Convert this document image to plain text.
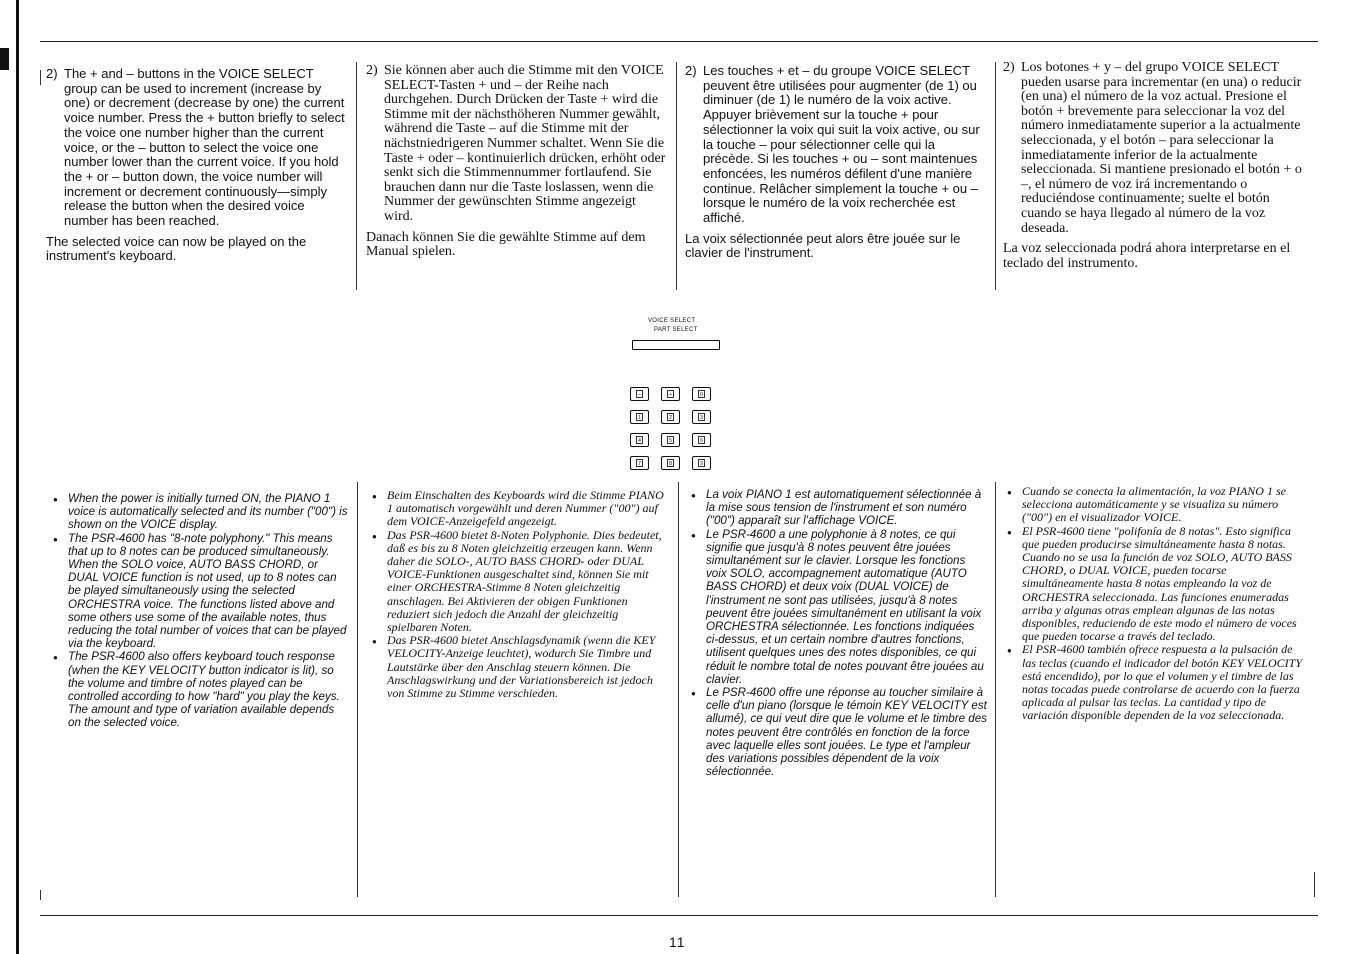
2) The + and – buttons in the VOICE SELECT group can be used to increment (increase by one) or decrement (decrease by one) the current voice number. Press the + button briefly to select the voice one number higher than the current voice, or the – button to select the voice one number lower than the current voice. If you hold the + or – button down, the voice number will increment or decrement continuously—simply release the button when the desired voice number has been reached.

The selected voice can now be played on the instrument's keyboard.

2) Sie können aber auch die Stimme mit den VOICE SELECT-Tasten + und – der Reihe nach durchgehen. Durch Drücken der Taste + wird die Stimme mit der nächsthöheren Nummer gewählt, während die Taste – auf die Stimme mit der nächstniedrigeren Nummer schaltet. Wenn Sie die Taste + oder – kontinuierlich drücken, erhöht oder senkt sich die Stimmennummer fortlaufend. Sie brauchen dann nur die Taste loslassen, wenn die Nummer der gewünschten Stimme angezeigt wird.

Danach können Sie die gewählte Stimme auf dem Manual spielen.

2) Les touches + et – du groupe VOICE SELECT peuvent être utilisées pour augmenter (de 1) ou diminuer (de 1) le numéro de la voix active. Appuyer brièvement sur la touche + pour sélectionner la voix qui suit la voix active, ou sur la touche – pour sélectionner celle qui la précède. Si les touches + ou – sont maintenues enfoncées, les numéros défilent d'une manière continue. Relâcher simplement la touche + ou – lorsque le numéro de la voix recherchée est affiché.

La voix sélectionnée peut alors être jouée sur le clavier de l'instrument.

2) Los botones + y – del grupo VOICE SELECT pueden usarse para incrementar (en una) o reducir (en una) el número de la voz actual. Presione el botón + brevemente para seleccionar la voz del número inmediatamente superior a la actualmente seleccionada, y el botón – para seleccionar la inmediatamente inferior de la actualmente seleccionada. Si mantiene presionado el botón + o –, el número de voz irá incrementando o reduciéndose continuamente; suelte el botón cuando se haya llegado al número de la voz deseada.

La voz seleccionada podrá ahora interpretarse en el teclado del instrumento.

VOICE SELECT
PART SELECT
–	+	0
1	2	3
4	5	6
7	8	9
● When the power is initially turned ON, the PIANO 1 voice is automatically selected and its number ("00") is shown on the VOICE display.
● The PSR-4600 has "8-note polyphony." This means that up to 8 notes can be produced simultaneously. When the SOLO voice, AUTO BASS CHORD, or DUAL VOICE function is not used, up to 8 notes can be played simultaneously using the selected ORCHESTRA voice. The functions listed above and some others use some of the available notes, thus reducing the total number of voices that can be played via the keyboard.
● The PSR-4600 also offers keyboard touch response (when the KEY VELOCITY button indicator is lit), so the volume and timbre of notes played can be controlled according to how "hard" you play the keys. The amount and type of variation available depends on the selected voice.
● Beim Einschalten des Keyboards wird die Stimme PIANO 1 automatisch vorgewählt und deren Nummer ("00") auf dem VOICE-Anzeigefeld angezeigt.
● Das PSR-4600 bietet 8-Noten Polyphonie. Dies bedeutet, daß es bis zu 8 Noten gleichzeitig erzeugen kann. Wenn daher die SOLO-, AUTO BASS CHORD- oder DUAL VOICE-Funktionen ausgeschaltet sind, können Sie mit einer ORCHESTRA-Stimme 8 Noten gleichzeitig anschlagen. Bei Aktivieren der obigen Funktionen reduziert sich jedoch die Anzahl der gleichzeitig spielbaren Noten.
● Das PSR-4600 bietet Anschlagsdynamik (wenn die KEY VELOCITY-Anzeige leuchtet), wodurch Sie Timbre und Lautstärke über den Anschlag steuern können. Die Anschlagswirkung und der Variationsbereich ist jedoch von Stimme zu Stimme verschieden.
● La voix PIANO 1 est automatiquement sélectionnée à la mise sous tension de l'instrument et son numéro ("00") apparaît sur l'affichage VOICE.
● Le PSR-4600 a une polyphonie à 8 notes, ce qui signifie que jusqu'à 8 notes peuvent être jouées simultanément sur le clavier. Lorsque les fonctions voix SOLO, accompagnement automatique (AUTO BASS CHORD) et deux voix (DUAL VOICE) de l'instrument ne sont pas utilisées, jusqu'à 8 notes peuvent être jouées simultanément en utilisant la voix ORCHESTRA sélectionnée. Les fonctions indiquées ci-dessus, et un certain nombre d'autres fonctions, utilisent quelques unes des notes disponibles, ce qui réduit le nombre total de notes pouvant être jouées au clavier.
● Le PSR-4600 offre une réponse au toucher similaire à celle d'un piano (lorsque le témoin KEY VELOCITY est allumé), ce qui veut dire que le volume et le timbre des notes peuvent être contrôlés en fonction de la force avec laquelle elles sont jouées. Le type et l'ampleur des variations possibles dépendent de la voix sélectionnée.
● Cuando se conecta la alimentación, la voz PIANO 1 se selecciona automáticamente y se visualiza su número ("00") en el visualizador VOICE.
● El PSR-4600 tiene "polifonía de 8 notas". Esto significa que pueden producirse simultáneamente hasta 8 notas. Cuando no se usa la función de voz SOLO, AUTO BASS CHORD, o DUAL VOICE, pueden tocarse simultáneamente hasta 8 notas empleando la voz de ORCHESTRA seleccionada. Las funciones enumeradas arriba y algunas otras emplean algunas de las notas disponibles, reduciendo de este modo el número de voces que pueden tocarse a través del teclado.
● El PSR-4600 también ofrece respuesta a la pulsación de las teclas (cuando el indicador del botón KEY VELOCITY está encendido), por lo que el volumen y el timbre de las notas tocadas puede controlarse de acuerdo con la fuerza aplicada al pulsar las teclas. La cantidad y tipo de variación disponible dependen de la voz seleccionada.
11
